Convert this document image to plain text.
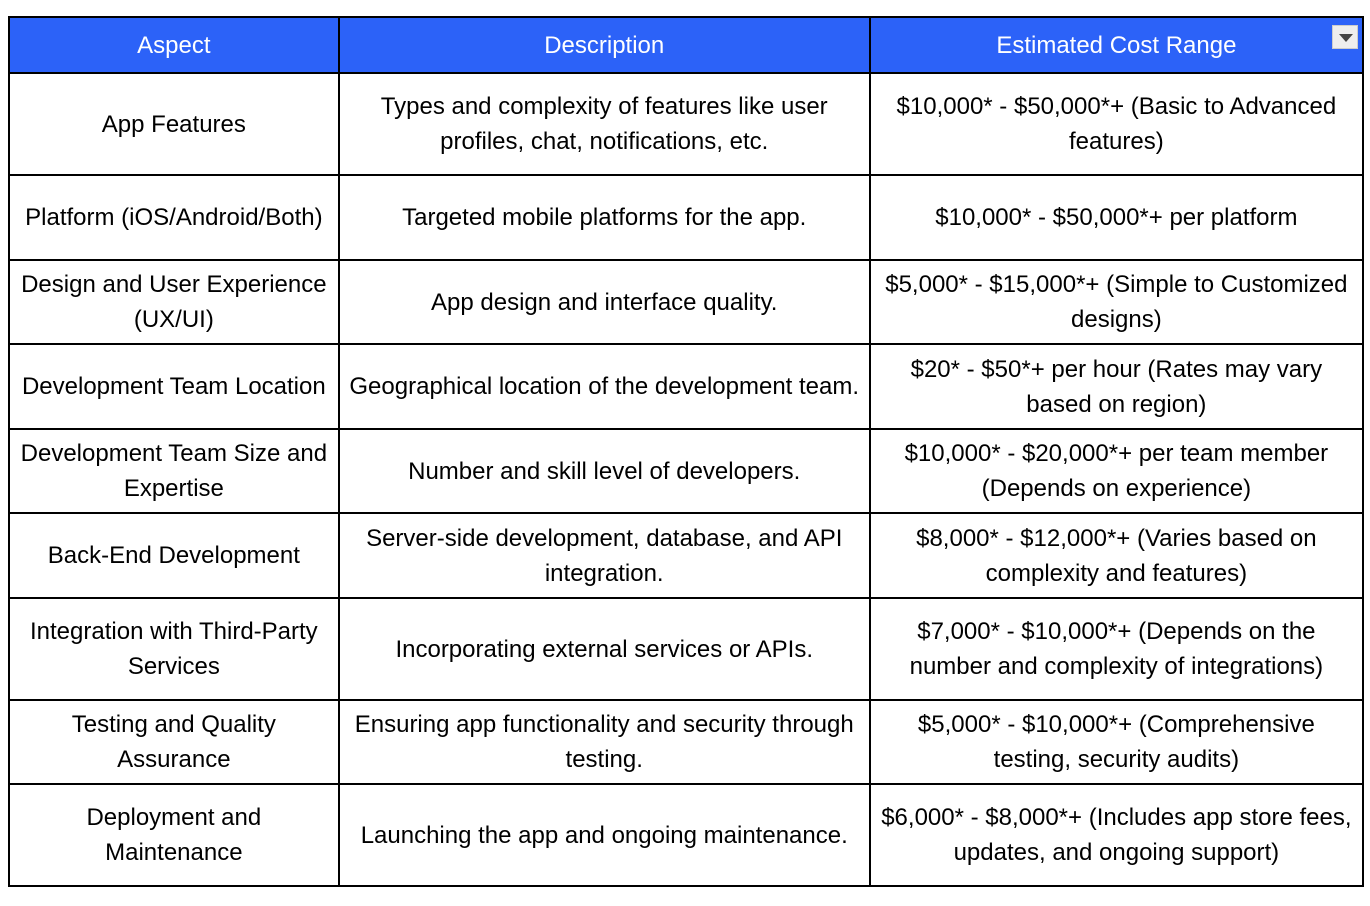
Aspect	Description	Estimated Cost Range

App Features	Types and complexity of features like user profiles, chat, notifications, etc.	$10,000* - $50,000*+ (Basic to Advanced features)
Platform (iOS/Android/Both)	Targeted mobile platforms for the app.	$10,000* - $50,000*+ per platform
Design and User Experience (UX/UI)	App design and interface quality.	$5,000* - $15,000*+ (Simple to Customized designs)
Development Team Location	Geographical location of the development team.	$20* - $50*+ per hour (Rates may vary based on region)
Development Team Size and Expertise	Number and skill level of developers.	$10,000* - $20,000*+ per team member (Depends on experience)
Back-End Development	Server-side development, database, and API integration.	$8,000* - $12,000*+ (Varies based on complexity and features)
Integration with Third-Party Services	Incorporating external services or APIs.	$7,000* - $10,000*+ (Depends on the number and complexity of integrations)
Testing and Quality Assurance	Ensuring app functionality and security through testing.	$5,000* - $10,000*+ (Comprehensive testing, security audits)
Deployment and Maintenance	Launching the app and ongoing maintenance.	$6,000* - $8,000*+ (Includes app store fees, updates, and ongoing support)
